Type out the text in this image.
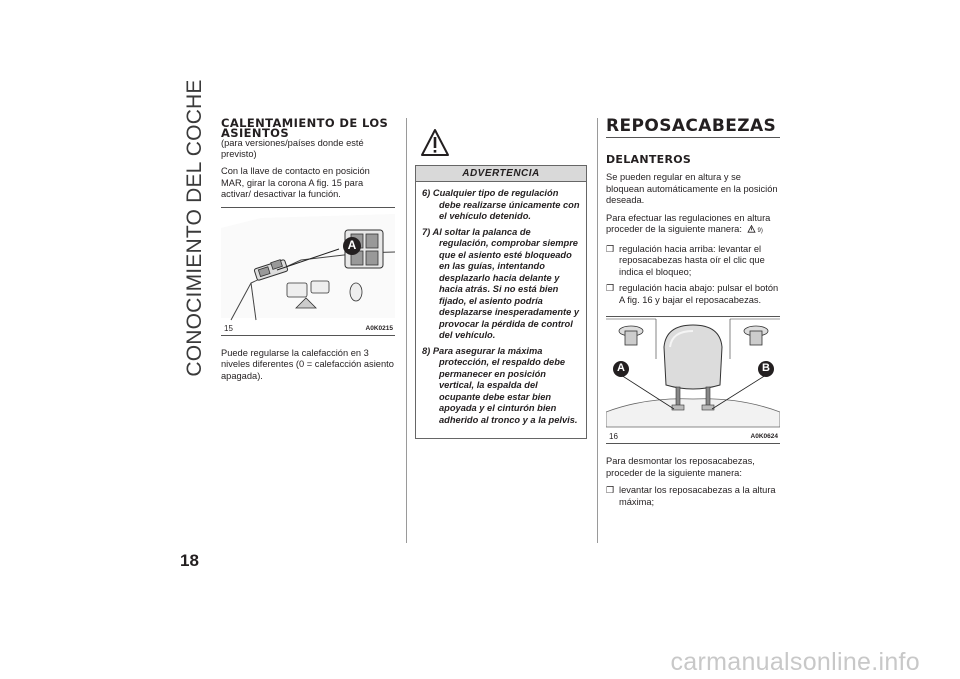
CONOCIMIENTO DEL COCHE
18
CALENTAMIENTO DE LOS ASIENTOS
(para versiones/países donde esté previsto)

Con la llave de contacto en posición MAR, girar la corona A fig. 15 para activar/ desactivar la función.

A
15	A0K0215

Puede regularse la calefacción en 3 niveles diferentes (0 = calefacción asiento apagada).

ADVERTENCIA
6) Cualquier tipo de regulación debe realizarse únicamente con el vehículo detenido.
7) Al soltar la palanca de regulación, comprobar siempre que el asiento esté bloqueado en las guías, intentando desplazarlo hacia delante y hacia atrás. Si no está bien fijado, el asiento podría desplazarse inesperadamente y provocar la pérdida de control del vehículo.
8) Para asegurar la máxima protección, el respaldo debe permanecer en posición vertical, la espalda del ocupante debe estar bien apoyada y el cinturón bien adherido al tronco y a la pelvis.
REPOSACABEZAS
DELANTEROS

Se pueden regular en altura y se bloquean automáticamente en la posición deseada.

Para efectuar las regulaciones en altura proceder de la siguiente manera:	9)

❒ regulación hacia arriba: levantar el reposacabezas hasta oír el clic que indica el bloqueo;
❒ regulación hacia abajo: pulsar el botón A fig. 16 y bajar el reposacabezas.
A	B
16	A0K0624

Para desmontar los reposacabezas, proceder de la siguiente manera:

❒ levantar los reposacabezas a la altura máxima;
carmanualsonline.info
